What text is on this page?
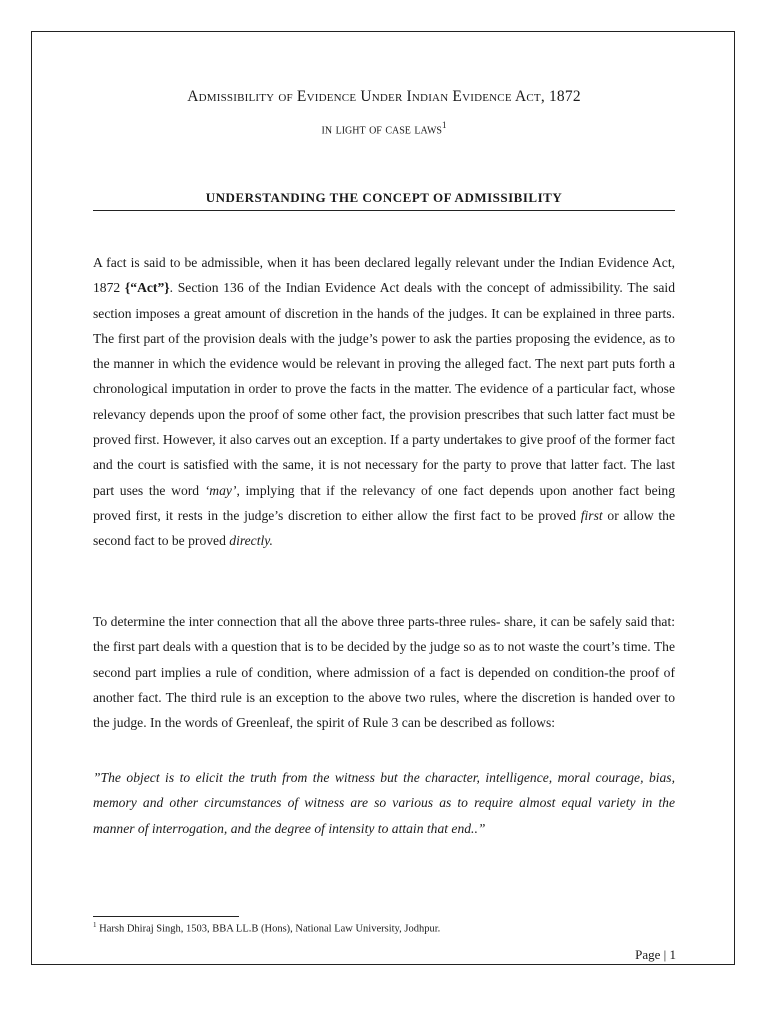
Admissibility of Evidence Under Indian Evidence Act, 1872
in light of case laws$^1$
UNDERSTANDING THE CONCEPT OF ADMISSIBILITY

A fact is said to be admissible, when it has been declared legally relevant under the Indian Evidence Act, 1872 {“Act”}. Section 136 of the Indian Evidence Act deals with the concept of admissibility. The said section imposes a great amount of discretion in the hands of the judges. It can be explained in three parts. The first part of the provision deals with the judge’s power to ask the parties proposing the evidence, as to the manner in which the evidence would be relevant in proving the alleged fact. The next part puts forth a chronological imputation in order to prove the facts in the matter. The evidence of a particular fact, whose relevancy depends upon the proof of some other fact, the provision prescribes that such latter fact must be proved first. However, it also carves out an exception. If a party undertakes to give proof of the former fact and the court is satisfied with the same, it is not necessary for the party to prove that latter fact. The last part uses the word ‘may’, implying that if the relevancy of one fact depends upon another fact being proved first, it rests in the judge’s discretion to either allow the first fact to be proved first or allow the second fact to be proved directly.

To determine the inter connection that all the above three parts-three rules- share, it can be safely said that: the first part deals with a question that is to be decided by the judge so as to not waste the court’s time. The second part implies a rule of condition, where admission of a fact is depended on condition-the proof of another fact. The third rule is an exception to the above two rules, where the discretion is handed over to the judge. In the words of Greenleaf, the spirit of Rule 3 can be described as follows:

”The object is to elicit the truth from the witness but the character, intelligence, moral courage, bias, memory and other circumstances of witness are so various as to require almost equal variety in the manner of interrogation, and the degree of intensity to attain that end..”

$^1$ Harsh Dhiraj Singh, 1503, BBA LL.B (Hons), National Law University, Jodhpur.
Page | 1
